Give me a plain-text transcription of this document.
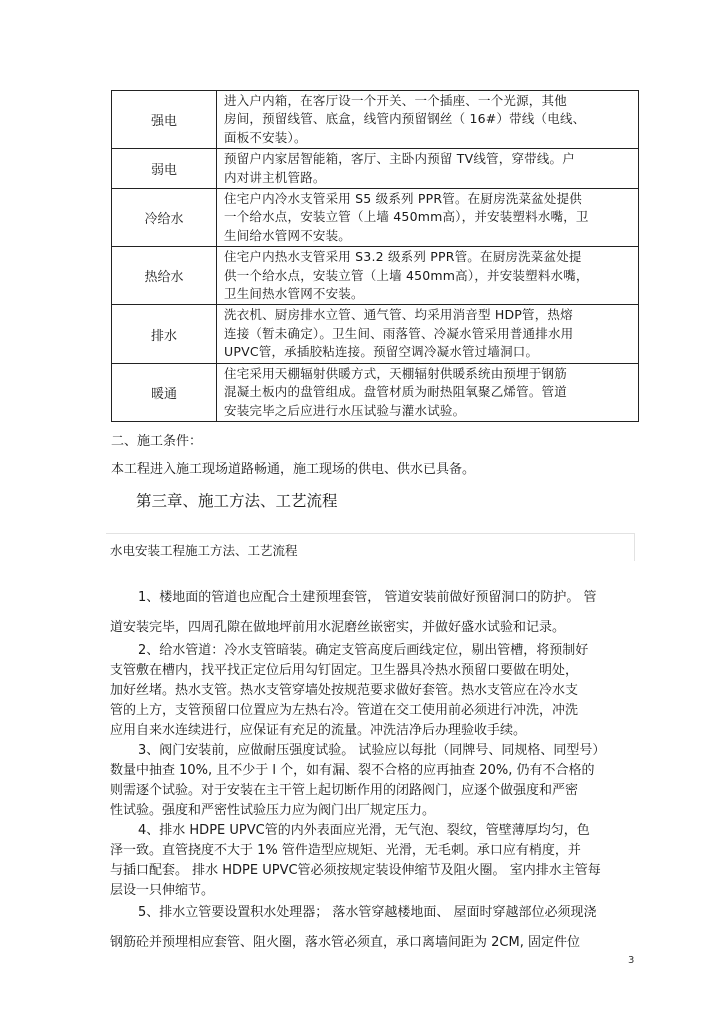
强电	进入户内箱，在客厅设一个开关、一个插座、一个光源，其他
房间，预留线管、底盒，线管内预留钢丝（ 16#）带线（电线、
面板不安装）。

弱电	预留户内家居智能箱，客厅、主卧内预留 TV线管，穿带线。户
内对讲主机管路。

冷给水	住宅户内冷水支管采用 S5 级系列 PPR管。在厨房洗菜盆处提供
一个给水点，安装立管（上墙 450mm高），并安装塑料水嘴，卫
生间给水管网不安装。

热给水	住宅户内热水支管采用 S3.2 级系列 PPR管。在厨房洗菜盆处提
供一个给水点，安装立管（上墙 450mm高），并安装塑料水嘴，
卫生间热水管网不安装。

排水	洗衣机、厨房排水立管、通气管、均采用消音型 HDP管，热熔
连接（暂未确定）。卫生间、雨落管、冷凝水管采用普通排水用
UPVC管，承插胶粘连接。预留空调冷凝水管过墙洞口。

暖通	住宅采用天棚辐射供暖方式，天棚辐射供暖系统由预埋于钢筋
混凝土板内的盘管组成。盘管材质为耐热阻氧聚乙烯管。管道
安装完毕之后应进行水压试验与灌水试验。
二、施工条件：
本工程进入施工现场道路畅通，施工现场的供电、供水已具备。
第三章、施工方法、工艺流程
水电安装工程施工方法、工艺流程
1、楼地面的管道也应配合土建预埋套管， 管道安装前做好预留洞口的防护。 管
道安装完毕，四周孔隙在做地坪前用水泥磨丝嵌密实，并做好盛水试验和记录。
2、给水管道：冷水支管暗装。确定支管高度后画线定位，剔出管槽，将预制好
支管敷在槽内，找平找正定位后用勾钉固定。卫生器具冷热水预留口要做在明处，
加好丝堵。热水支管。热水支管穿墙处按规范要求做好套管。热水支管应在冷水支
管的上方，支管预留口位置应为左热右冷。管道在交工使用前必须进行冲洗，冲洗
应用自来水连续进行，应保证有充足的流量。冲洗洁净后办理验收手续。
3、阀门安装前，应做耐压强度试验。 试验应以每批（同牌号、同规格、同型号）
数量中抽查 10%, 且不少于 l 个，如有漏、裂不合格的应再抽查 20%, 仍有不合格的
则需逐个试验。对于安装在主干管上起切断作用的闭路阀门，应逐个做强度和严密
性试验。强度和严密性试验压力应为阀门出厂规定压力。
4、排水 HDPE UPVC管的内外表面应光滑，无气泡、裂纹，管壁薄厚均匀，色
泽一致。直管挠度不大于 1% 管件造型应规矩、光滑，无毛刺。承口应有梢度，并
与插口配套。 排水 HDPE UPVC管必须按规定装设伸缩节及阻火圈。 室内排水主管每
层设一只伸缩节。
5、排水立管要设置积水处理器； 落水管穿越楼地面、 屋面时穿越部位必须现浇
钢筋砼并预埋相应套管、阻火圈，落水管必须直，承口离墙间距为 2CM, 固定件位
3
